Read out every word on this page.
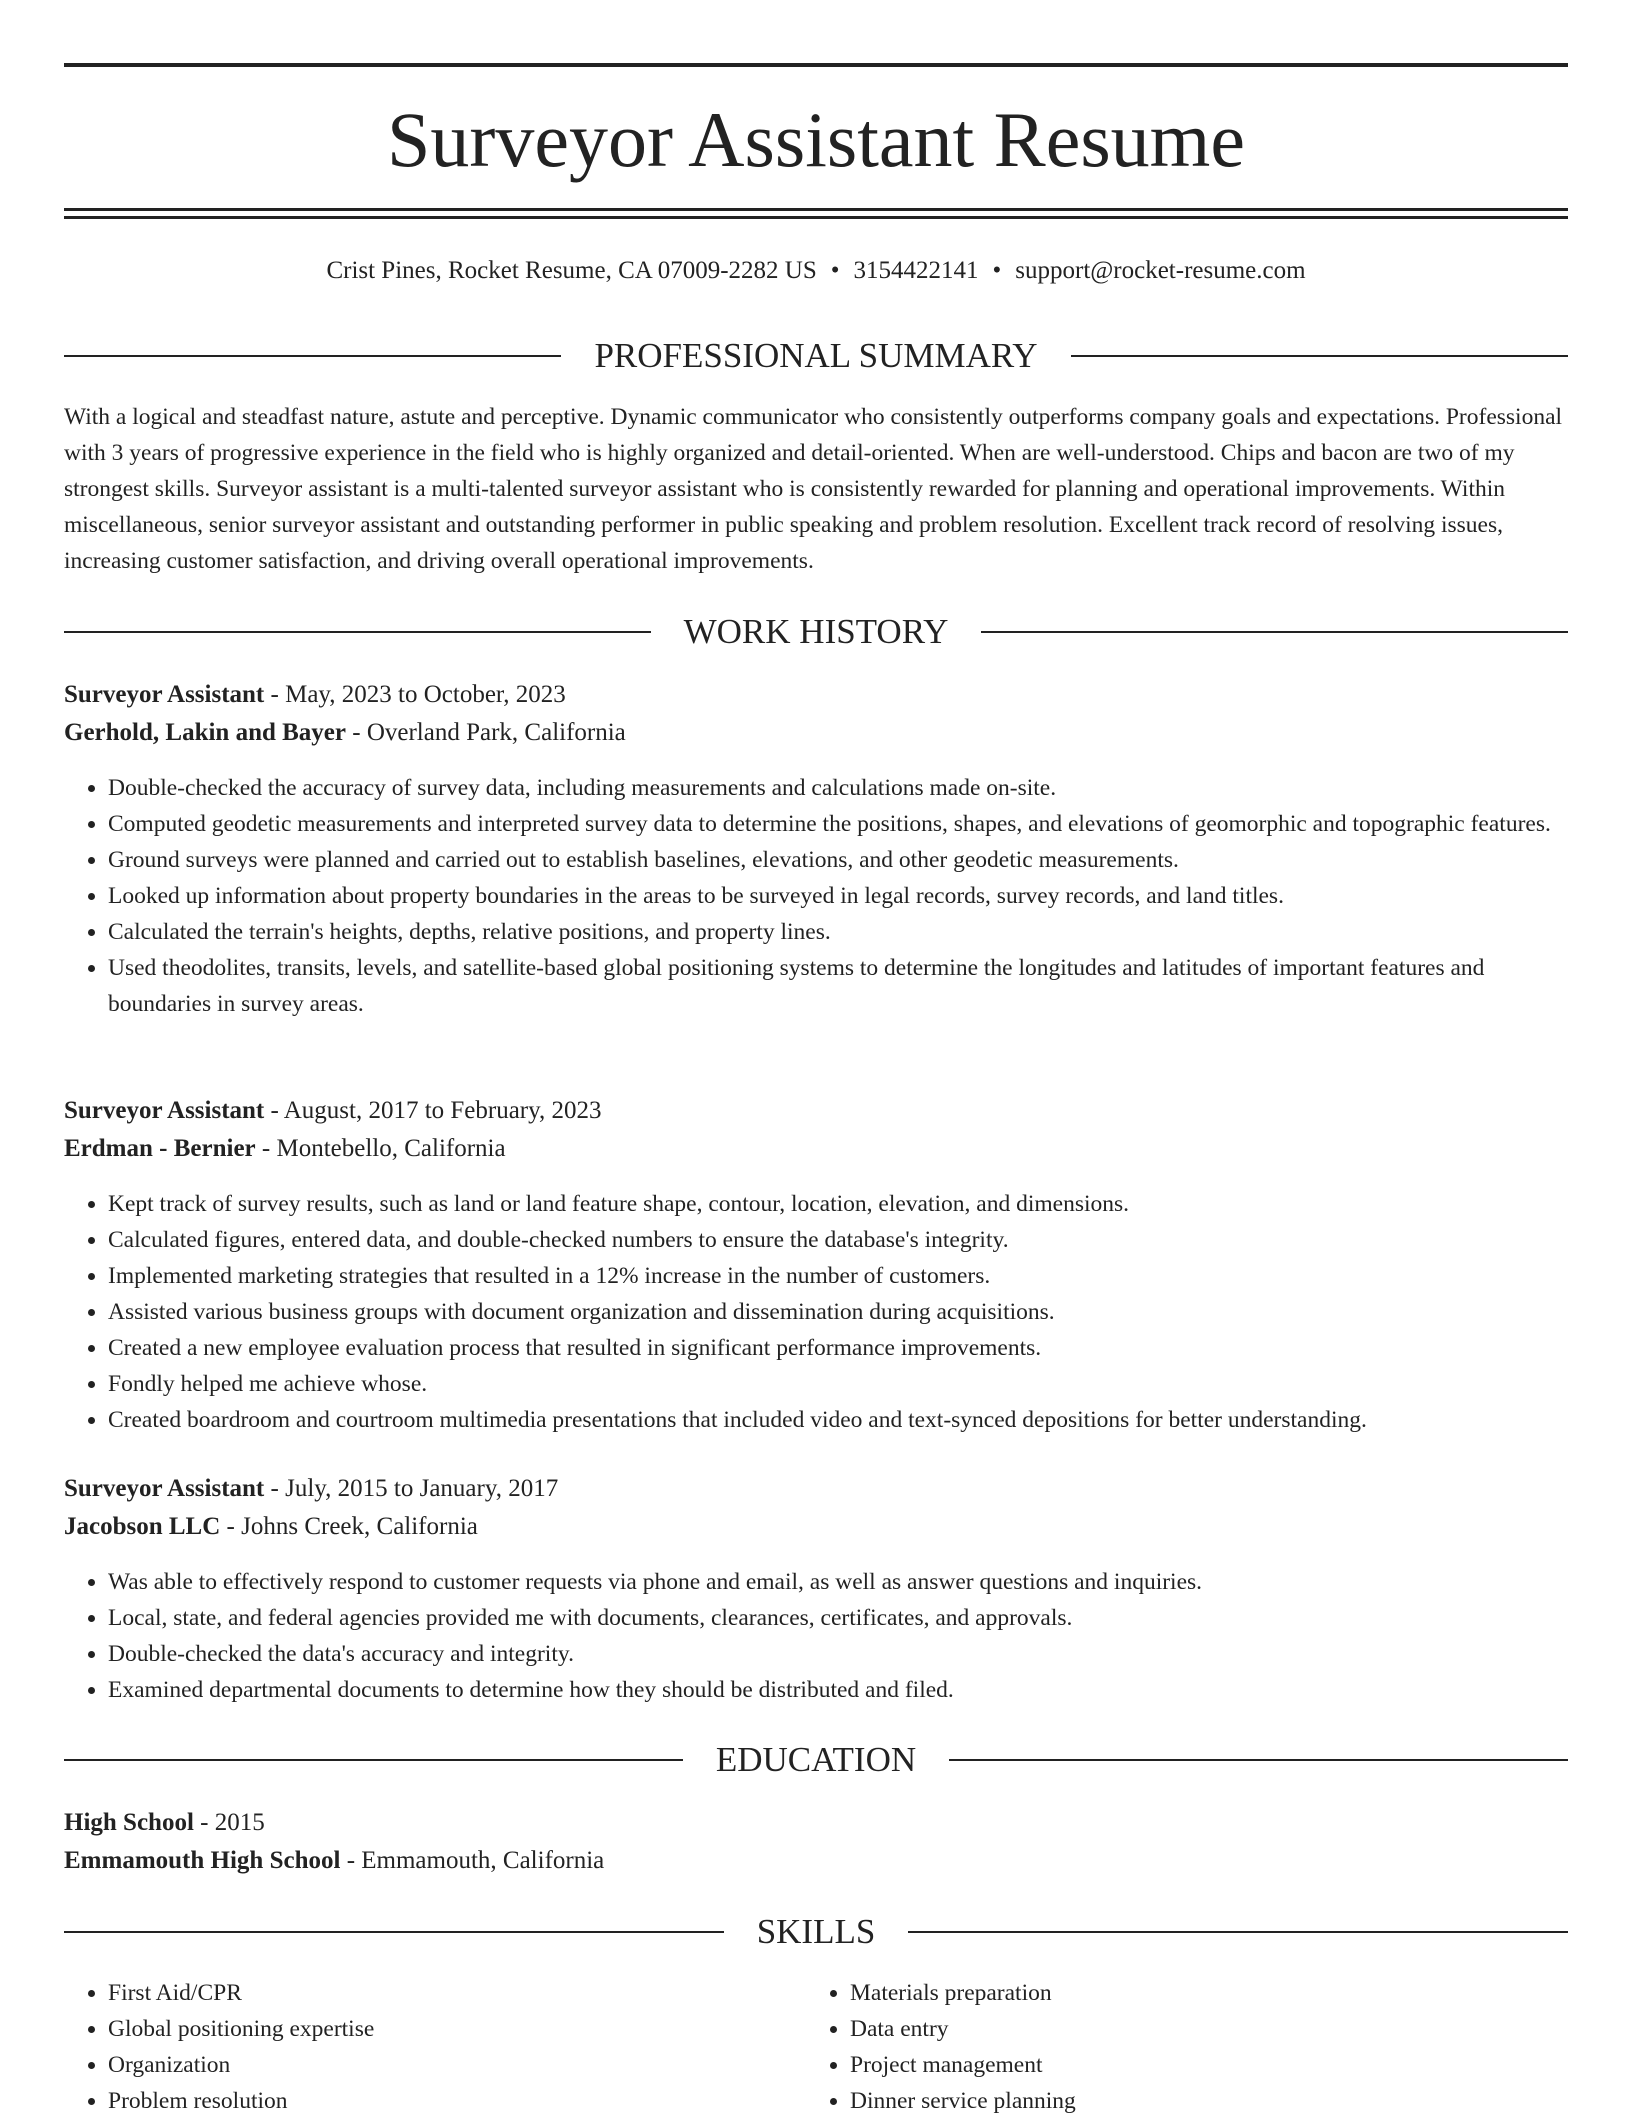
Surveyor Assistant Resume
Crist Pines, Rocket Resume, CA 07009-2282 US • 3154422141 • support@rocket-resume.com
PROFESSIONAL SUMMARY

With a logical and steadfast nature, astute and perceptive. Dynamic communicator who consistently outperforms company goals and expectations. Professional with 3 years of progressive experience in the field who is highly organized and detail-oriented. When are well-understood. Chips and bacon are two of my strongest skills. Surveyor assistant is a multi-talented surveyor assistant who is consistently rewarded for planning and operational improvements. Within miscellaneous, senior surveyor assistant and outstanding performer in public speaking and problem resolution. Excellent track record of resolving issues, increasing customer satisfaction, and driving overall operational improvements.

WORK HISTORY
Surveyor Assistant - May, 2023 to October, 2023
Gerhold, Lakin and Bayer - Overland Park, California
• Double-checked the accuracy of survey data, including measurements and calculations made on-site.
• Computed geodetic measurements and interpreted survey data to determine the positions, shapes, and elevations of geomorphic and topographic features.
• Ground surveys were planned and carried out to establish baselines, elevations, and other geodetic measurements.
• Looked up information about property boundaries in the areas to be surveyed in legal records, survey records, and land titles.
• Calculated the terrain's heights, depths, relative positions, and property lines.
• Used theodolites, transits, levels, and satellite-based global positioning systems to determine the longitudes and latitudes of important features and boundaries in survey areas.
Surveyor Assistant - August, 2017 to February, 2023
Erdman - Bernier - Montebello, California
• Kept track of survey results, such as land or land feature shape, contour, location, elevation, and dimensions.
• Calculated figures, entered data, and double-checked numbers to ensure the database's integrity.
• Implemented marketing strategies that resulted in a 12% increase in the number of customers.
• Assisted various business groups with document organization and dissemination during acquisitions.
• Created a new employee evaluation process that resulted in significant performance improvements.
• Fondly helped me achieve whose.
• Created boardroom and courtroom multimedia presentations that included video and text-synced depositions for better understanding.
Surveyor Assistant - July, 2015 to January, 2017
Jacobson LLC - Johns Creek, California
• Was able to effectively respond to customer requests via phone and email, as well as answer questions and inquiries.
• Local, state, and federal agencies provided me with documents, clearances, certificates, and approvals.
• Double-checked the data's accuracy and integrity.
• Examined departmental documents to determine how they should be distributed and filed.
EDUCATION
High School - 2015
Emmamouth High School - Emmamouth, California
SKILLS
• First Aid/CPR
• Global positioning expertise
• Organization
• Problem resolution
• Materials preparation
• Data entry
• Project management
• Dinner service planning
